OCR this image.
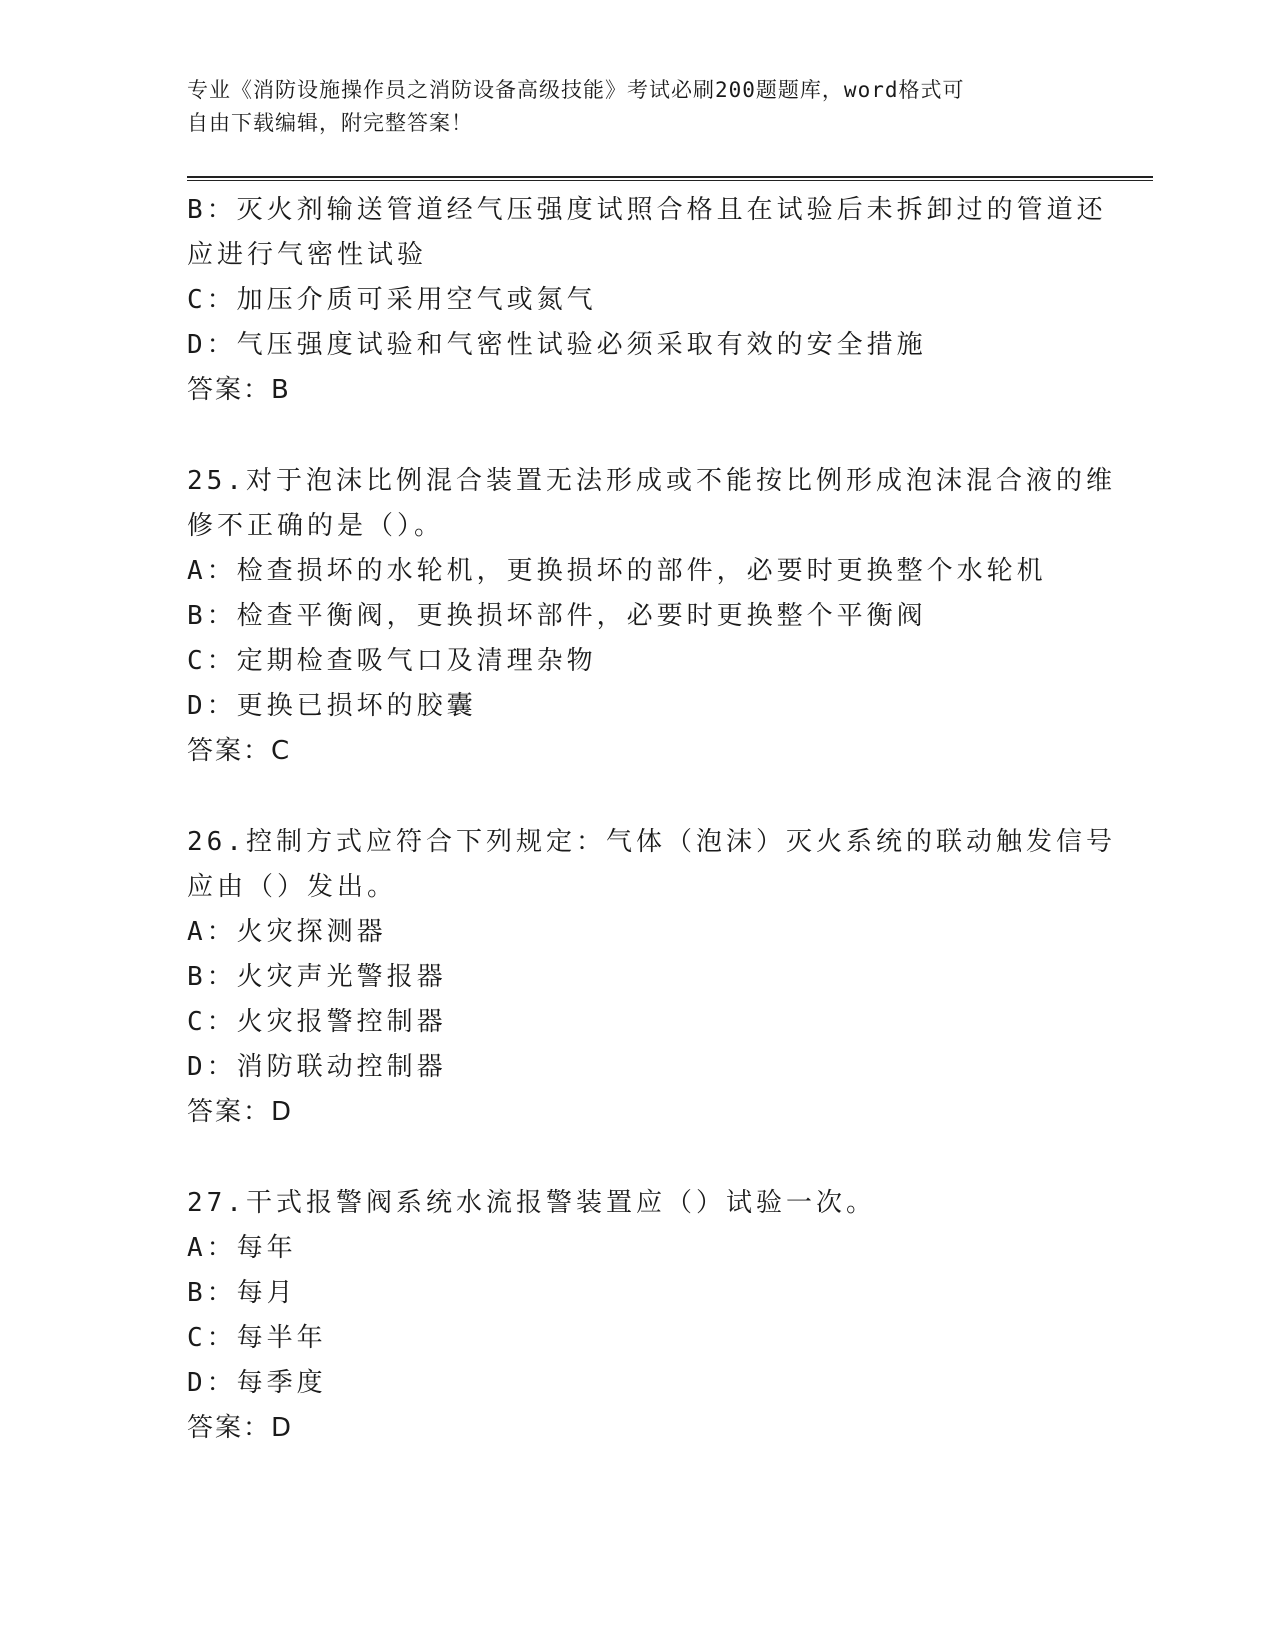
专业《消防设施操作员之消防设备高级技能》考试必刷200题题库，word格式可
自由下载编辑，附完整答案！
B：灭火剂输送管道经气压强度试照合格且在试验后未拆卸过的管道还
应进行气密性试验
C：加压介质可采用空气或氮气
D：气压强度试验和气密性试验必须采取有效的安全措施
答案：B
25.对于泡沫比例混合装置无法形成或不能按比例形成泡沫混合液的维
修不正确的是（）。
A：检查损坏的水轮机，更换损坏的部件，必要时更换整个水轮机
B：检查平衡阀，更换损坏部件，必要时更换整个平衡阀
C：定期检查吸气口及清理杂物
D：更换已损坏的胶囊
答案：C
26.控制方式应符合下列规定：气体（泡沫）灭火系统的联动触发信号
应由（）发出。
A：火灾探测器
B：火灾声光警报器
C：火灾报警控制器
D：消防联动控制器
答案：D
27.干式报警阀系统水流报警装置应（）试验一次。
A：每年
B：每月
C：每半年
D：每季度
答案：D
